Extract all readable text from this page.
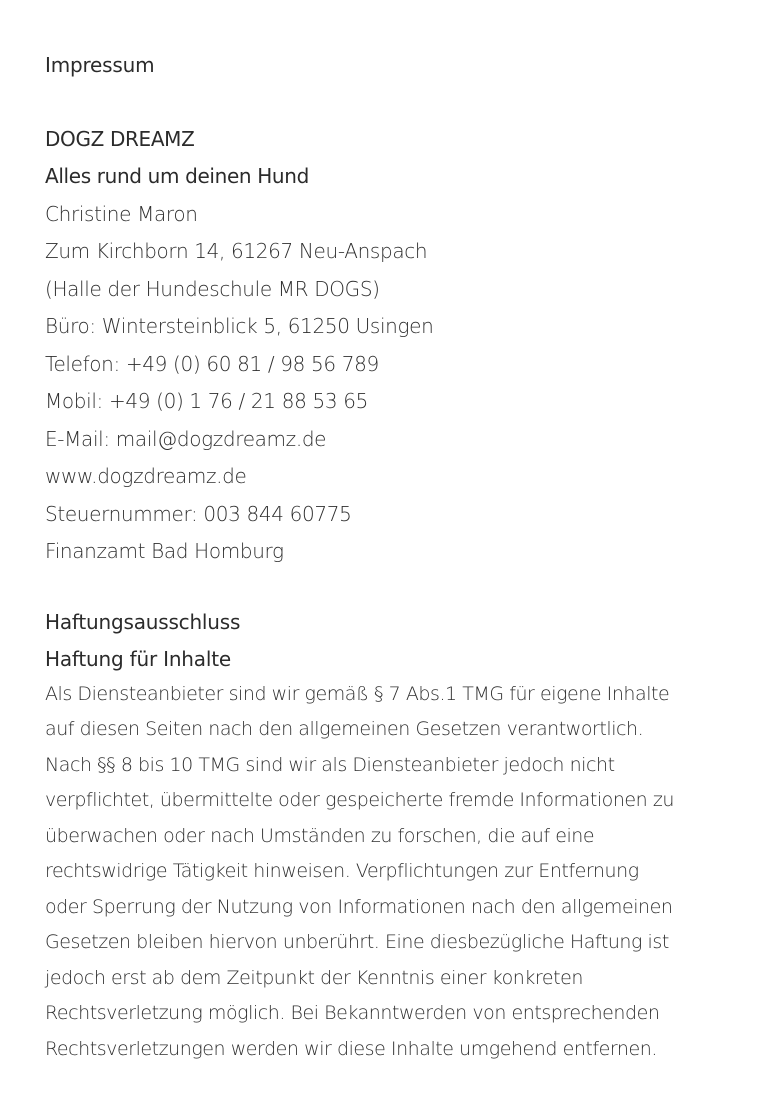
Impressum

DOGZ DREAMZ

Alles rund um deinen Hund

Christine Maron

Zum Kirchborn 14, 61267 Neu-Anspach

(Halle der Hundeschule MR DOGS)

Büro: Wintersteinblick 5, 61250 Usingen

Telefon: +49 (0) 60 81 / 98 56 789

Mobil: +49 (0) 1 76 / 21 88 53 65

E-Mail: mail@dogzdreamz.de

www.dogzdreamz.de

Steuernummer: 003 844 60775

Finanzamt Bad Homburg

Haftungsausschluss
Haftung für Inhalte

Als Diensteanbieter sind wir gemäß § 7 Abs.1 TMG für eigene Inhalte

auf diesen Seiten nach den allgemeinen Gesetzen verantwortlich.

Nach §§ 8 bis 10 TMG sind wir als Diensteanbieter jedoch nicht

verpflichtet, übermittelte oder gespeicherte fremde Informationen zu

überwachen oder nach Umständen zu forschen, die auf eine

rechtswidrige Tätigkeit hinweisen. Verpflichtungen zur Entfernung

oder Sperrung der Nutzung von Informationen nach den allgemeinen

Gesetzen bleiben hiervon unberührt. Eine diesbezügliche Haftung ist

jedoch erst ab dem Zeitpunkt der Kenntnis einer konkreten

Rechtsverletzung möglich. Bei Bekanntwerden von entsprechenden

Rechtsverletzungen werden wir diese Inhalte umgehend entfernen.
